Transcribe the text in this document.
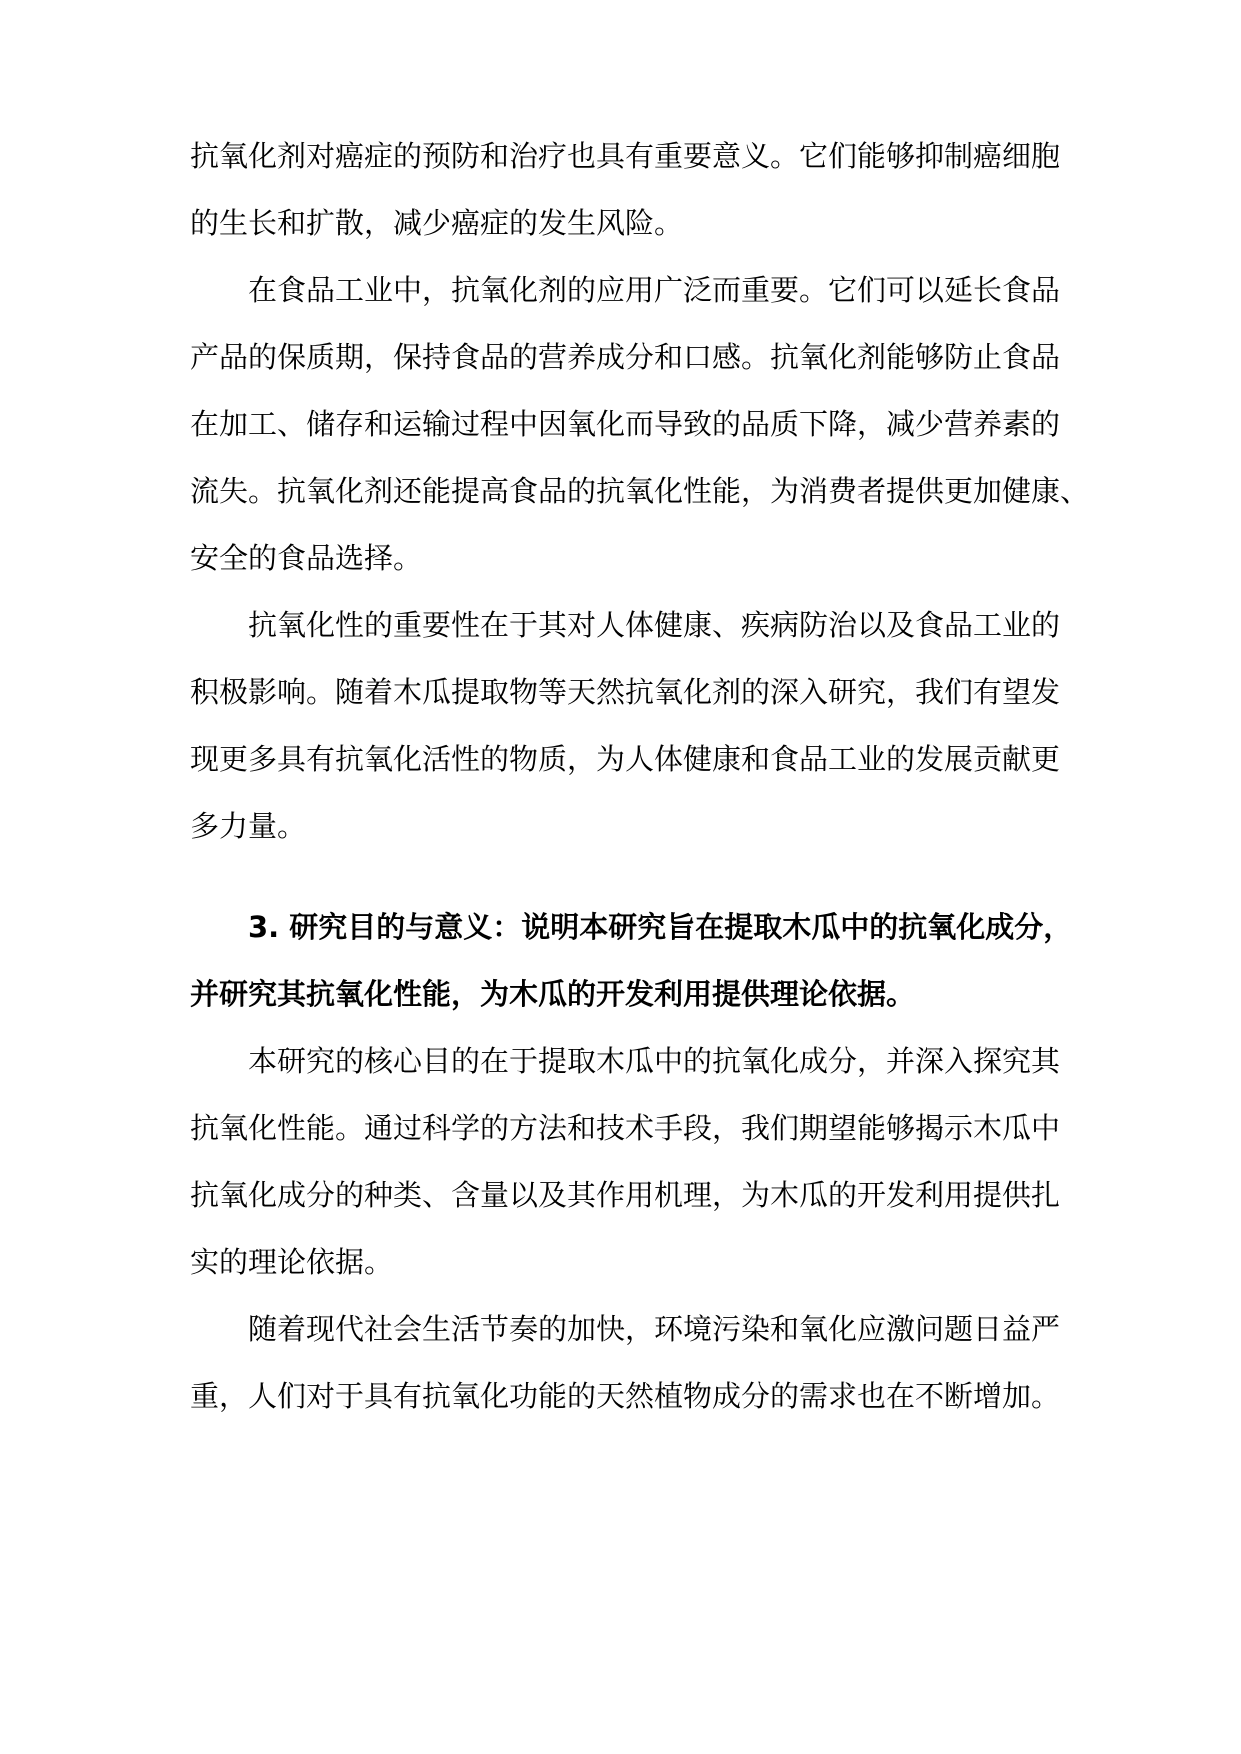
抗氧化剂对癌症的预防和治疗也具有重要意义。它们能够抑制癌细胞
的生长和扩散，减少癌症的发生风险。
在食品工业中，抗氧化剂的应用广泛而重要。它们可以延长食品
产品的保质期，保持食品的营养成分和口感。抗氧化剂能够防止食品
在加工、储存和运输过程中因氧化而导致的品质下降，减少营养素的
流失。抗氧化剂还能提高食品的抗氧化性能，为消费者提供更加健康、
安全的食品选择。
抗氧化性的重要性在于其对人体健康、疾病防治以及食品工业的
积极影响。随着木瓜提取物等天然抗氧化剂的深入研究，我们有望发
现更多具有抗氧化活性的物质，为人体健康和食品工业的发展贡献更
多力量。
3. 研究目的与意义：说明本研究旨在提取木瓜中的抗氧化成分，
并研究其抗氧化性能，为木瓜的开发利用提供理论依据。
本研究的核心目的在于提取木瓜中的抗氧化成分，并深入探究其
抗氧化性能。通过科学的方法和技术手段，我们期望能够揭示木瓜中
抗氧化成分的种类、含量以及其作用机理，为木瓜的开发利用提供扎
实的理论依据。
随着现代社会生活节奏的加快，环境污染和氧化应激问题日益严
重，人们对于具有抗氧化功能的天然植物成分的需求也在不断增加。
